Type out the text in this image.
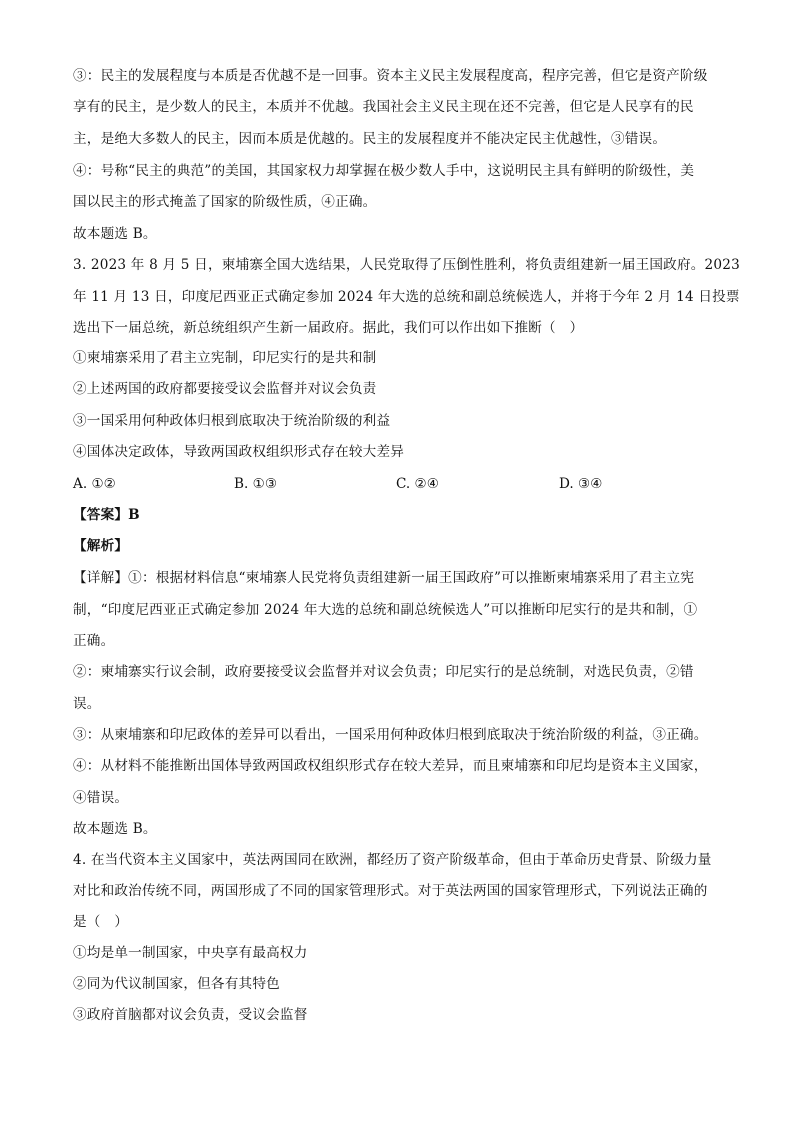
③：民主的发展程度与本质是否优越不是一回事。资本主义民主发展程度高，程序完善，但它是资产阶级
享有的民主，是少数人的民主，本质并不优越。我国社会主义民主现在还不完善，但它是人民享有的民
主，是绝大多数人的民主，因而本质是优越的。民主的发展程度并不能决定民主优越性，③错误。
④：号称“民主的典范”的美国，其国家权力却掌握在极少数人手中，这说明民主具有鲜明的阶级性，美
国以民主的形式掩盖了国家的阶级性质，④正确。
故本题选 B。
3. 2023 年 8 月 5 日，柬埔寨全国大选结果，人民党取得了压倒性胜利，将负责组建新一届王国政府。2023
年 11 月 13 日，印度尼西亚正式确定参加 2024 年大选的总统和副总统候选人，并将于今年 2 月 14 日投票
选出下一届总统，新总统组织产生新一届政府。据此，我们可以作出如下推断（　）
①柬埔寨采用了君主立宪制，印尼实行的是共和制
②上述两国的政府都要接受议会监督并对议会负责
③一国采用何种政体归根到底取决于统治阶级的利益
④国体决定政体，导致两国政权组织形式存在较大差异
A. ①②	B. ①③	C. ②④	D. ③④
【答案】B
【解析】
【详解】①：根据材料信息“柬埔寨人民党将负责组建新一届王国政府”可以推断柬埔寨采用了君主立宪
制，“印度尼西亚正式确定参加 2024 年大选的总统和副总统候选人”可以推断印尼实行的是共和制，①
正确。
②：柬埔寨实行议会制，政府要接受议会监督并对议会负责；印尼实行的是总统制，对选民负责，②错
误。
③：从柬埔寨和印尼政体的差异可以看出，一国采用何种政体归根到底取决于统治阶级的利益，③正确。
④：从材料不能推断出国体导致两国政权组织形式存在较大差异，而且柬埔寨和印尼均是资本主义国家，
④错误。
故本题选 B。
4. 在当代资本主义国家中，英法两国同在欧洲，都经历了资产阶级革命，但由于革命历史背景、阶级力量
对比和政治传统不同，两国形成了不同的国家管理形式。对于英法两国的国家管理形式，下列说法正确的
是（　）
①均是单一制国家，中央享有最高权力
②同为代议制国家，但各有其特色
③政府首脑都对议会负责，受议会监督
